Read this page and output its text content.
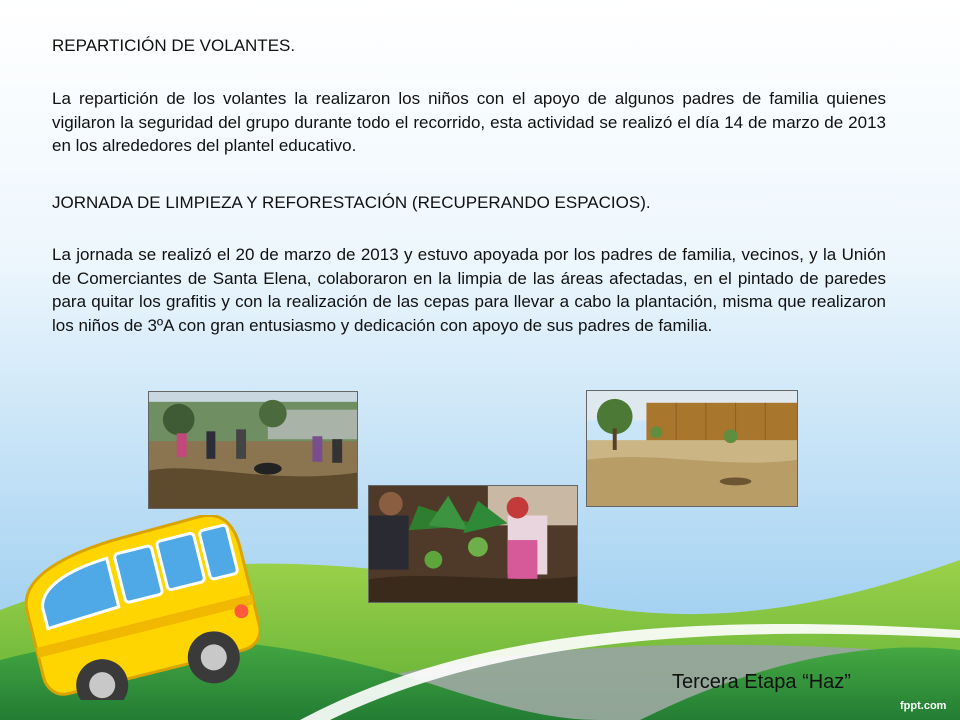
REPARTICIÓN DE VOLANTES.
La repartición de los volantes la realizaron los niños con el apoyo de algunos padres de familia quienes vigilaron la seguridad del grupo durante todo el recorrido, esta actividad se realizó el día 14 de marzo de 2013 en los alrededores del plantel educativo.
JORNADA DE LIMPIEZA Y REFORESTACIÓN (RECUPERANDO ESPACIOS).
La jornada se realizó el 20 de marzo de 2013 y estuvo apoyada por los padres de familia, vecinos, y la Unión de Comerciantes de Santa Elena, colaboraron en la limpia de las áreas afectadas, en el pintado de paredes para quitar los grafitis y con la realización de las cepas para llevar a cabo la plantación, misma que realizaron los niños de 3ºA con gran entusiasmo y dedicación con apoyo de sus padres de familia.
Tercera Etapa “Haz”
fppt.com
